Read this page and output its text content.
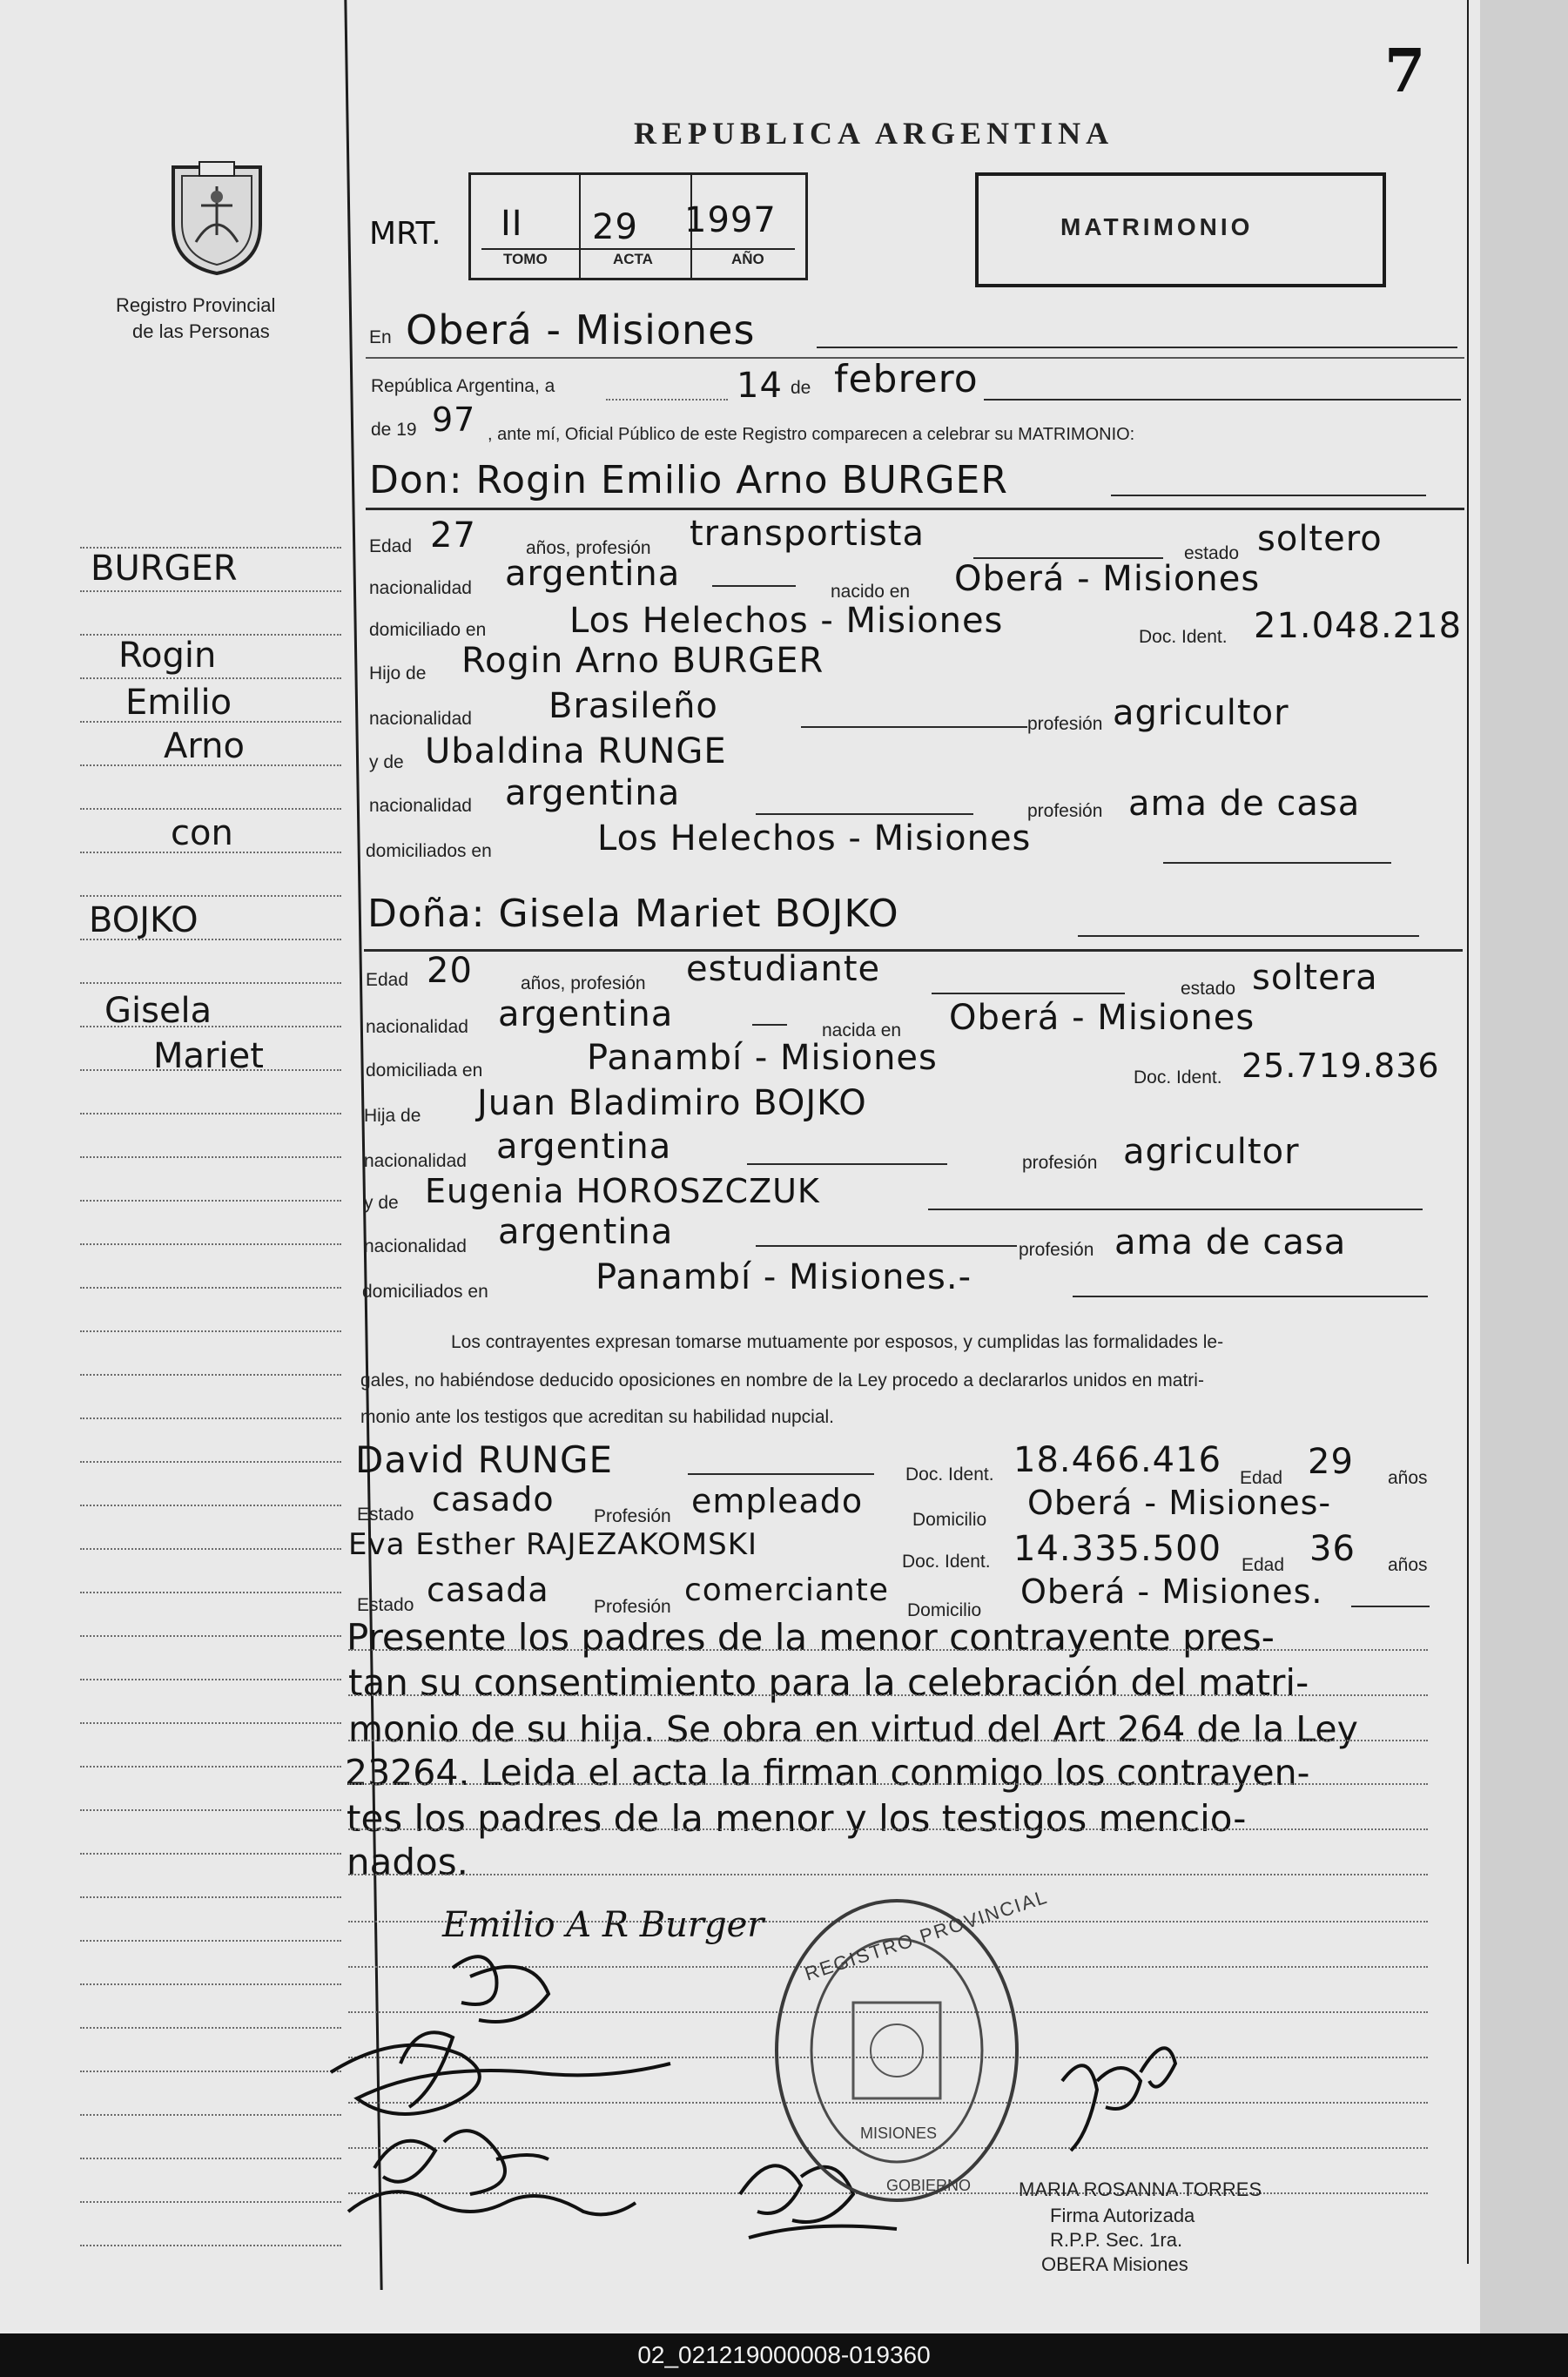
7
REPUBLICA ARGENTINA
Registro Provincial
de las Personas
MRT. II 29 1997
TOMO	ACTA	AÑO
MATRIMONIO
En Oberá - Misiones
República Argentina, a	14 de febrero
de 19 97 , ante mí, Oficial Público de este Registro comparecen a celebrar su MATRIMONIO:
Don: Rogin Emilio Arno BURGER
Edad 27	años, profesión transportista	estado soltero
nacionalidad argentina	nacido en Oberá - Misiones
domiciliado en Los Helechos - Misiones	Doc. Ident. 21.048.218
Hijo de Rogin Arno BURGER
nacionalidad Brasileño	profesión agricultor
y de Ubaldina RUNGE
nacionalidad argentina	profesión ama de casa
domiciliados en	Los Helechos - Misiones
Doña: Gisela Mariet BOJKO
Edad 20	años, profesión estudiante	estado soltera
nacionalidad argentina	nacida en Oberá - Misiones
domiciliada en	Panambí - Misiones	Doc. Ident. 25.719.836
Hija de Juan Bladimiro BOJKO
nacionalidad argentina	profesión agricultor
y de Eugenia HOROSZCZUK
nacionalidad argentina	profesión ama de casa
domiciliados en	Panambí - Misiones.-
Los contrayentes expresan tomarse mutuamente por esposos, y cumplidas las formalidades le-
gales, no habiéndose deducido oposiciones en nombre de la Ley procedo a declararlos unidos en matri-
monio ante los testigos que acreditan su habilidad nupcial.
David RUNGE	Doc. Ident. 18.466.416 Edad 29 años
Estado casado Profesión empleado	Domicilio Oberá - Misiones-
Eva Esther RAJEZAKOMSKI	Doc. Ident. 14.335.500 Edad 36 años
Estado casada Profesión comerciante
Domicilio Oberá - Misiones.
Presente los padres de la menor contrayente pres-
tan su consentimiento para la celebración del matri-
monio de su hija. Se obra en virtud del Art 264 de la Ley
23264. Leida el acta la firman conmigo los contrayen-
tes los padres de la menor y los testigos mencio-
nados.
BURGER
Rogin
Emilio
Arno
con
BOJKO
Gisela
Mariet
Emilio A R Burger REGISTRO PROVINCIAL
MISIONES
GOBIERNO MARIA ROSANNA TORRES
Firma Autorizada
R.P.P. Sec. 1ra.
OBERA Misiones
02_021219000008-019360
